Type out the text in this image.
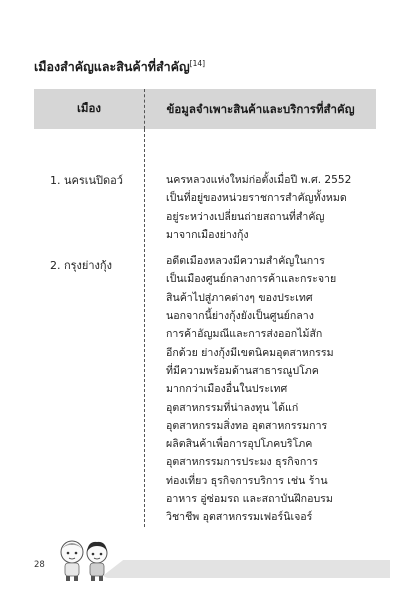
เมืองสำคัญและสินค้าที่สำคัญ[14]
เมือง	ข้อมูลจำเพาะสินค้าและบริการที่สำคัญ
1. นครเนปิดอว์
2. กรุงย่างกุ้ง
นครหลวงแห่งใหม่ก่อตั้งเมื่อปี พ.ศ. 2552
เป็นที่อยู่ของหน่วยราชการสำคัญทั้งหมด
อยู่ระหว่างเปลี่ยนถ่ายสถานที่สำคัญ
มาจากเมืองย่างกุ้ง
อดีตเมืองหลวงมีความสำคัญในการ
เป็นเมืองศูนย์กลางการค้าและกระจาย
สินค้าไปสู่ภาคต่างๆ ของประเทศ
นอกจากนี้ย่างกุ้งยังเป็นศูนย์กลาง
การค้าอัญมณีและการส่งออกไม้สัก
อีกด้วย ย่างกุ้งมีเขตนิคมอุตสาหกรรม
ที่มีความพร้อมด้านสาธารณูปโภค
มากกว่าเมืองอื่นในประเทศ
อุตสาหกรรมที่น่าลงทุน ได้แก่
อุตสาหกรรมสิ่งทอ อุตสาหกรรมการ
ผลิตสินค้าเพื่อการอุปโภคบริโภค
อุตสาหกรรมการประมง ธุรกิจการ
ท่องเที่ยว ธุรกิจการบริการ เช่น ร้าน
อาหาร อู่ซ่อมรถ และสถาบันฝึกอบรม
วิชาชีพ อุตสาหกรรมเฟอร์นิเจอร์
28
